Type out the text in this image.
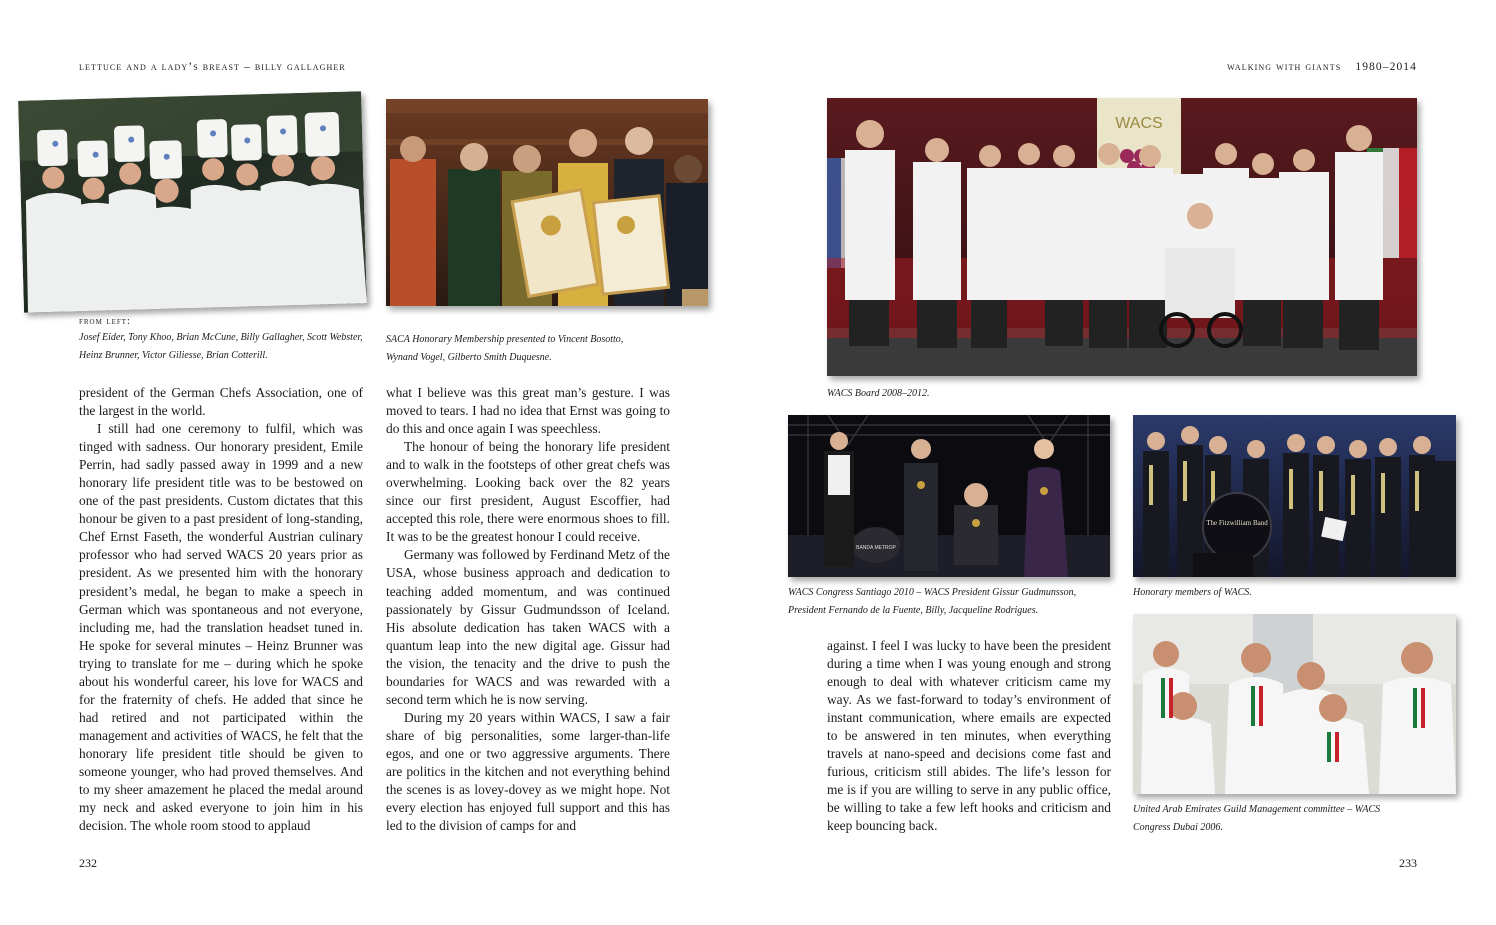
lettuce and a lady’s breast – billy gallagher	walking with giants 1980–2014
from left:
Josef Eider, Tony Khoo, Brian McCune, Billy Gallagher, Scott Webster, Heinz Brunner, Victor Giliesse, Brian Cotterill.
SACA Honorary Membership presented to Vincent Bosotto, Wynand Vogel, Gilberto Smith Duquesne.

president of the German Chefs Association, one of the largest in the world.

I still had one ceremony to fulfil, which was tinged with sadness. Our honorary president, Emile Perrin, had sadly passed away in 1999 and a new honorary life president title was to be bestowed on one of the past presidents. Custom dictates that this honour be given to a past president of long-standing, Chef Ernst Faseth, the wonderful Austrian culinary professor who had served WACS 20 years prior as president. As we presented him with the honorary president’s medal, he began to make a speech in German which was spontaneous and not everyone, including me, had the translation headset tuned in. He spoke for several minutes – Heinz Brunner was trying to translate for me – during which he spoke about his wonderful career, his love for WACS and for the fraternity of chefs. He added that since he had retired and not participated within the management and activities of WACS, he felt that the honorary life president title should be given to someone younger, who had proved themselves. And to my sheer amazement he placed the medal around my neck and asked everyone to join him in his decision. The whole room stood to applaud

what I believe was this great man’s gesture. I was moved to tears. I had no idea that Ernst was going to do this and once again I was speechless.

The honour of being the honorary life president and to walk in the footsteps of other great chefs was overwhelming. Looking back over the 82 years since our first president, August Escoffier, had accepted this role, there were enormous shoes to fill. It was to be the greatest honour I could receive.

Germany was followed by Ferdinand Metz of the USA, whose business approach and dedication to teaching added momentum, and was continued passionately by Gissur Gudmundsson of Iceland. His absolute dedication has taken WACS with a quantum leap into the new digital age. Gissur had the vision, the tenacity and the drive to push the boundaries for WACS and was rewarded with a second term which he is now serving.

During my 20 years within WACS, I saw a fair share of big personalities, some larger-than-life egos, and one or two aggressive arguments. There are politics in the kitchen and not everything behind the scenes is as lovey-dovey as we might hope. Not every election has enjoyed full support and this has led to the division of camps for and

WACS
WACS Board 2008–2012.
BANDA METROP
WACS Congress Santiago 2010 – WACS President Gissur Gudmunsson, President Fernando de la Fuente, Billy, Jacqueline Rodrigues.
The Fitzwilliam Band
Honorary members of WACS.
United Arab Emirates Guild Management committee – WACS Congress Dubai 2006.

against. I feel I was lucky to have been the president during a time when I was young enough and strong enough to deal with whatever criticism came my way. As we fast-forward to today’s environment of instant communication, where emails are expected to be answered in ten minutes, when everything travels at nano-speed and decisions come fast and furious, criticism still abides. The life’s lesson for me is if you are willing to serve in any public office, be willing to take a few left hooks and criticism and keep bouncing back.

232	233
